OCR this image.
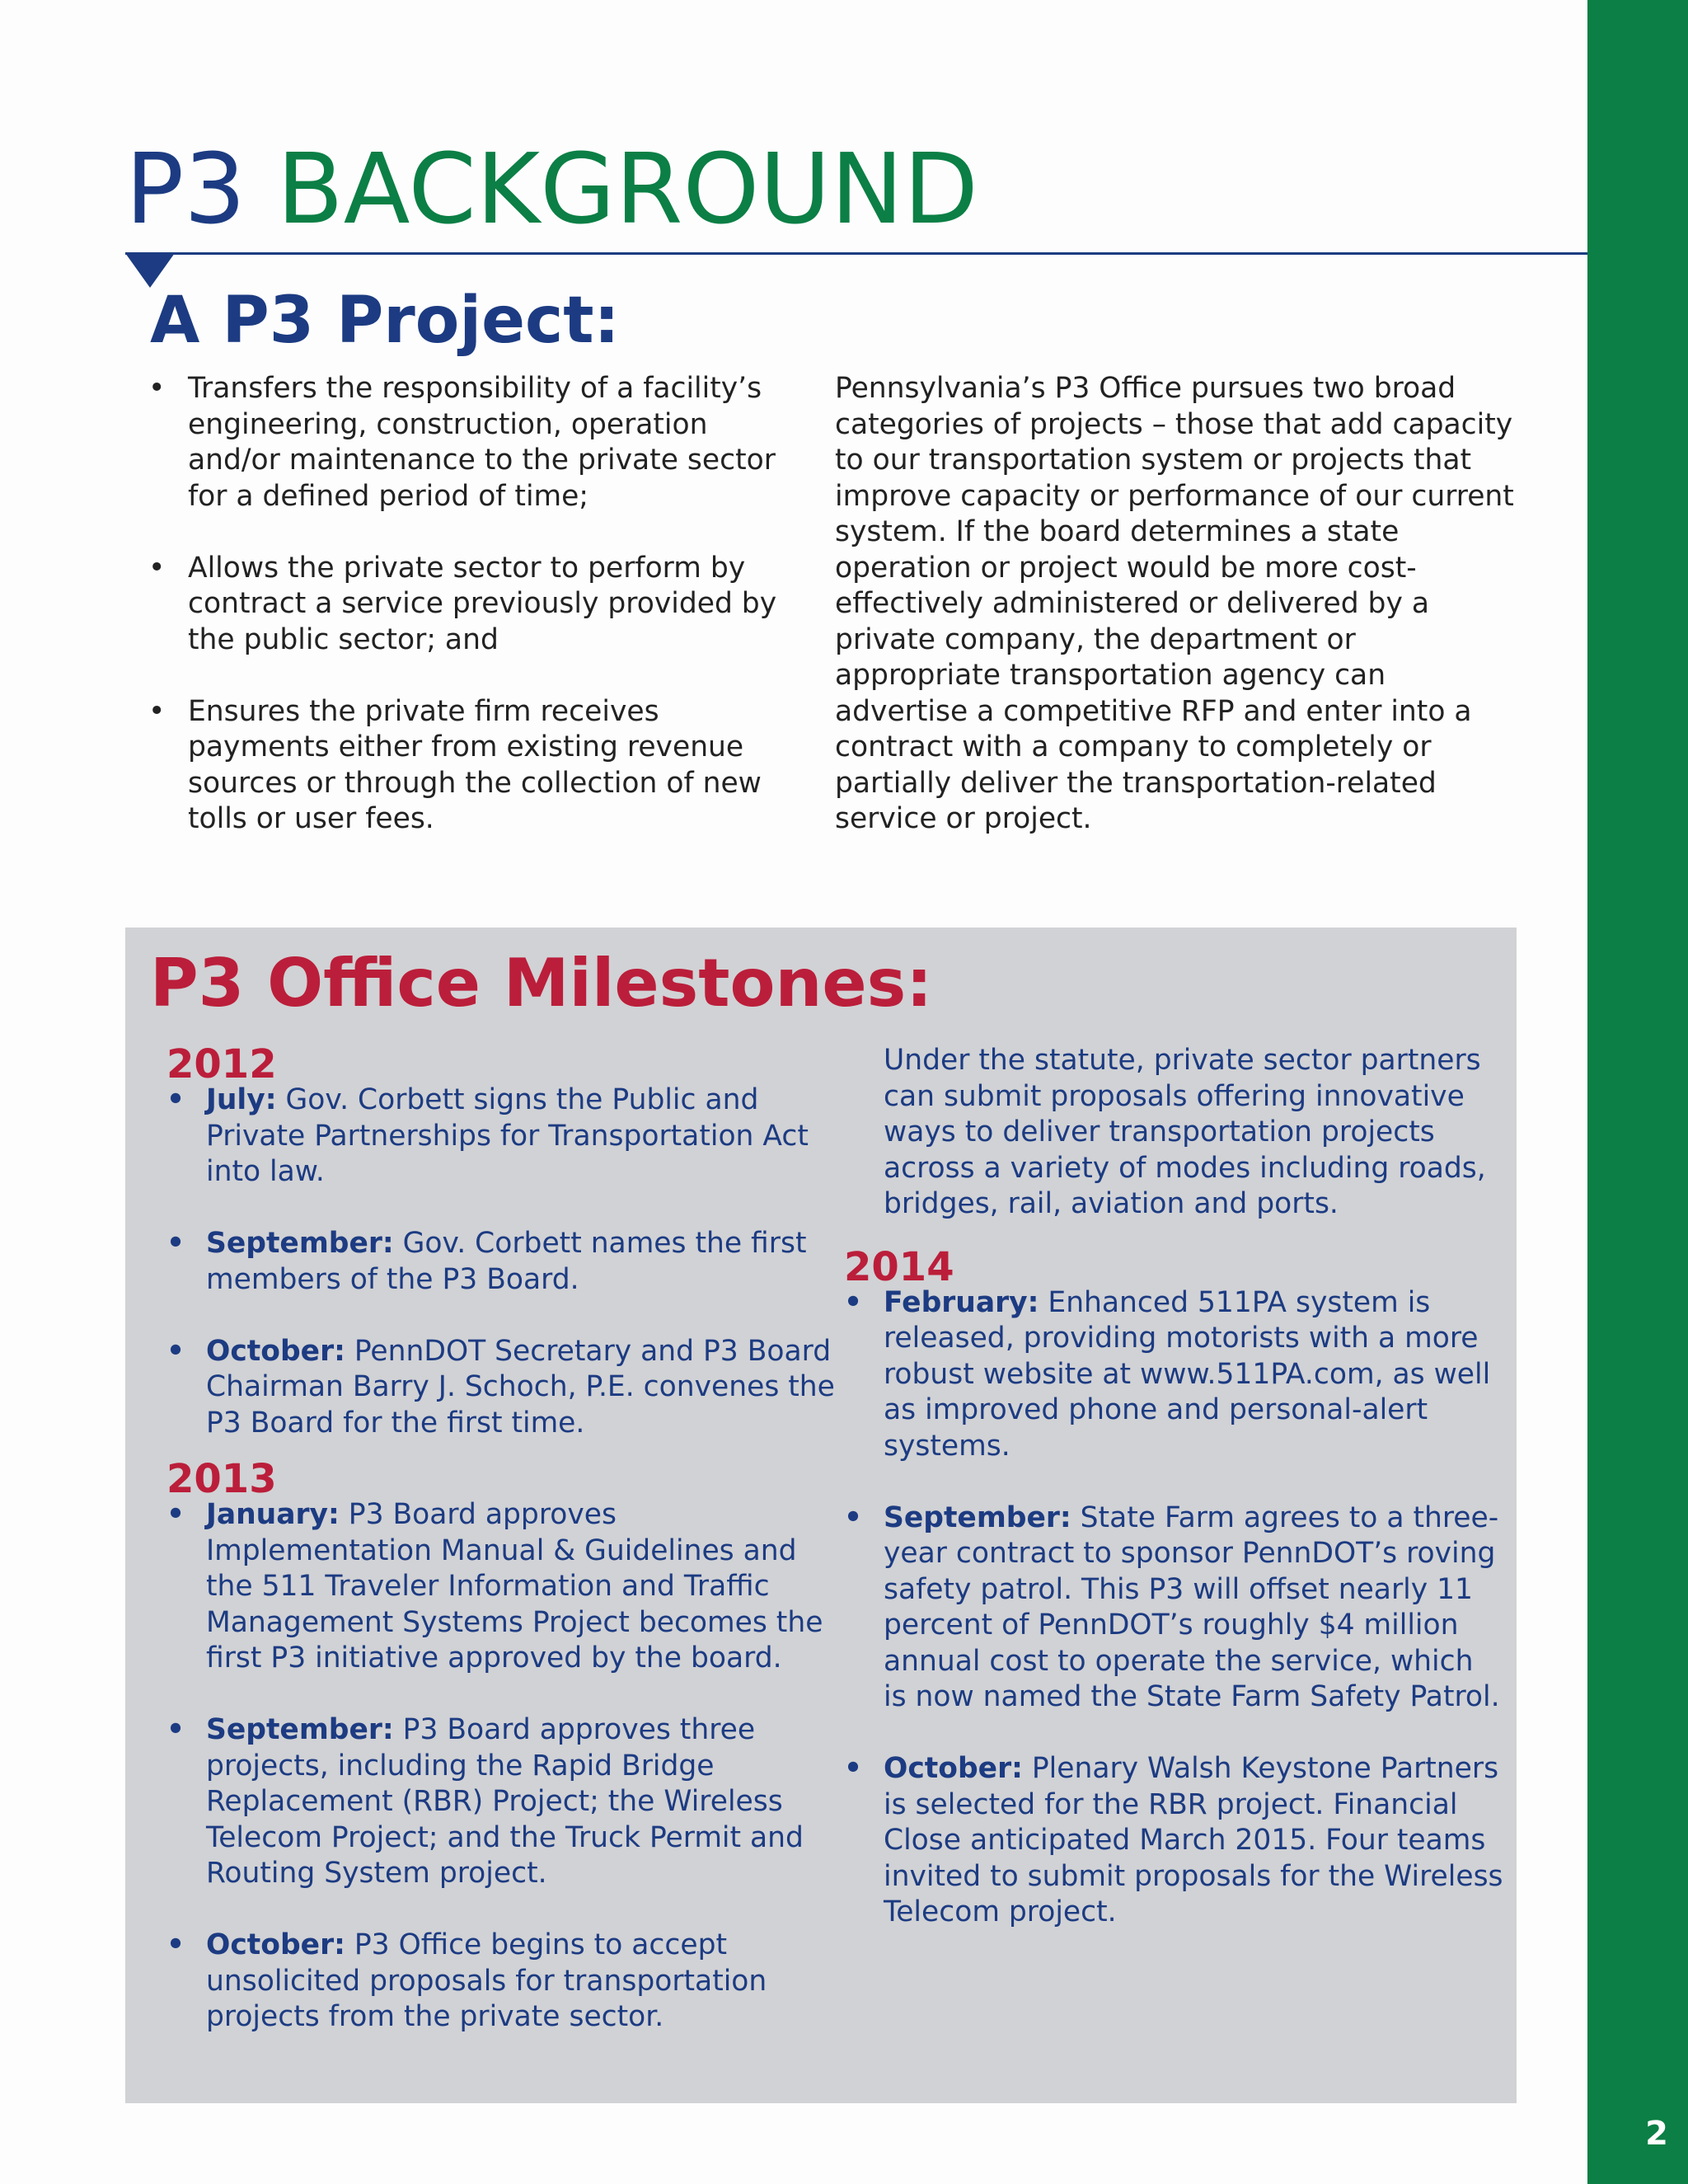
2
P3 BACKGROUND
A P3 Project:
• Transfers the responsibility of a facility’s engineering, construction, operation and/or maintenance to the private sector for a defined period of time;
• Allows the private sector to perform by contract a service previously provided by the public sector; and
• Ensures the private firm receives payments either from existing revenue sources or through the collection of new tolls or user fees.

Pennsylvania’s P3 Office pursues two broad categories of projects – those that add capacity to our transportation system or projects that improve capacity or performance of our current system. If the board determines a state operation or project would be more cost-effectively administered or delivered by a private company, the department or appropriate transportation agency can advertise a competitive RFP and enter into a contract with a company to completely or partially deliver the transportation-related service or project.

P3 Office Milestones:
2012
• July: Gov. Corbett signs the Public and Private Partnerships for Transportation Act into law.
• September: Gov. Corbett names the first members of the P3 Board.
• October: PennDOT Secretary and P3 Board Chairman Barry J. Schoch, P.E. convenes the P3 Board for the first time.
2013
• January: P3 Board approves Implementation Manual & Guidelines and the 511 Traveler Information and Traffic Management Systems Project becomes the first P3 initiative approved by the board.
• September: P3 Board approves three projects, including the Rapid Bridge Replacement (RBR) Project; the Wireless Telecom Project; and the Truck Permit and Routing System project.
• October: P3 Office begins to accept unsolicited proposals for transportation projects from the private sector.

Under the statute, private sector partners can submit proposals offering innovative ways to deliver transportation projects across a variety of modes including roads, bridges, rail, aviation and ports.

2014
• February: Enhanced 511PA system is released, providing motorists with a more robust website at www.511PA.com, as well as improved phone and personal-alert systems.
• September: State Farm agrees to a three-year contract to sponsor PennDOT’s roving safety patrol. This P3 will offset nearly 11 percent of PennDOT’s roughly $4 million annual cost to operate the service, which is now named the State Farm Safety Patrol.
• October: Plenary Walsh Keystone Partners is selected for the RBR project. Financial Close anticipated March 2015. Four teams invited to submit proposals for the Wireless Telecom project.
